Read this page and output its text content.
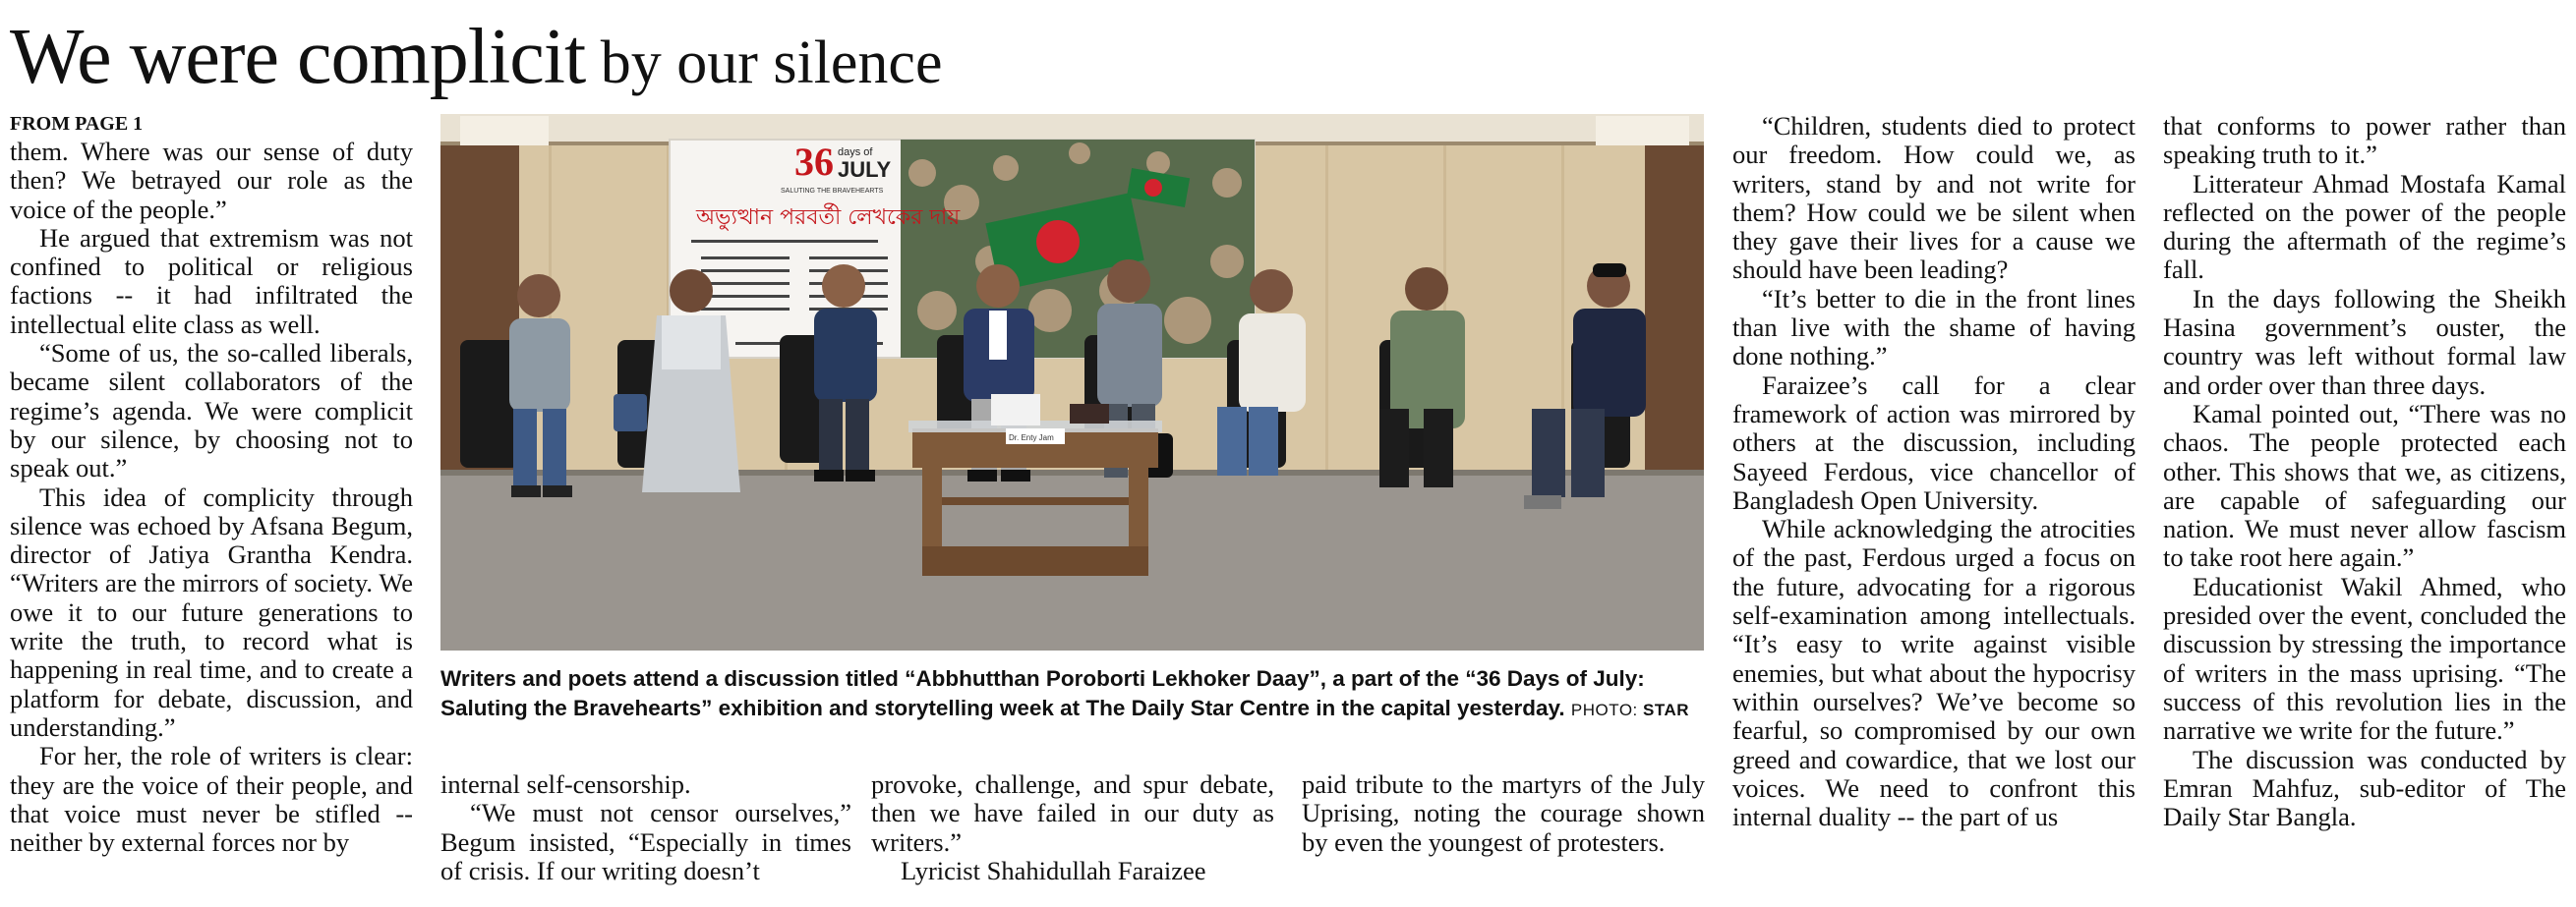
We were complicit by our silence
FROM PAGE 1

them. Where was our sense of duty then? We betrayed our role as the voice of the people.”

He argued that extremism was not confined to political or religious factions -- it had infiltrated the intellectual elite class as well.

“Some of us, the so-called liberals, became silent collaborators of the regime’s agenda. We were complicit by our silence, by choosing not to speak out.”

This idea of complicity through silence was echoed by Afsana Begum, director of Jatiya Grantha Kendra. “Writers are the mirrors of society. We owe it to our future generations to write the truth, to record what is happening in real time, and to create a platform for debate, discussion, and understanding.”

For her, the role of writers is clear: they are the voice of their people, and that voice must never be stifled -- neither by external forces nor by

36 days of
JULY
SALUTING THE BRAVEHEARTS
অভ্যুত্থান পরবর্তী লেখকের দায়
Dr. Enty Jam
Writers and poets attend a discussion titled “Abbhutthan Poroborti Lekhoker Daay”, a part of the “36 Days of July: Saluting the Bravehearts” exhibition and storytelling week at The Daily Star Centre in the capital yesterday. PHOTO: STAR

internal self-censorship.

“We must not censor ourselves,” Begum insisted, “Especially in times of crisis. If our writing doesn’t

provoke, challenge, and spur debate, then we have failed in our duty as writers.”

Lyricist Shahidullah Faraizee

paid tribute to the martyrs of the July Uprising, noting the courage shown by even the youngest of protesters.

“Children, students died to protect our freedom. How could we, as writers, stand by and not write for them? How could we be silent when they gave their lives for a cause we should have been leading?

“It’s better to die in the front lines than live with the shame of having done nothing.”

Faraizee’s call for a clear framework of action was mirrored by others at the discussion, including Sayeed Ferdous, vice chancellor of Bangladesh Open University.

While acknowledging the atrocities of the past, Ferdous urged a focus on the future, advocating for a rigorous self-examination among intellectuals. “It’s easy to write against visible enemies, but what about the hypocrisy within ourselves? We’ve become so fearful, so compromised by our own greed and cowardice, that we lost our voices. We need to confront this internal duality -- the part of us

that conforms to power rather than speaking truth to it.”

Litterateur Ahmad Mostafa Kamal reflected on the power of the people during the aftermath of the regime’s fall.

In the days following the Sheikh Hasina government’s ouster, the country was left without formal law and order over than three days.

Kamal pointed out, “There was no chaos. The people protected each other. This shows that we, as citizens, are capable of safeguarding our nation. We must never allow fascism to take root here again.”

Educationist Wakil Ahmed, who presided over the event, concluded the discussion by stressing the importance of writers in the mass uprising. “The success of this revolution lies in the narrative we write for the future.”

The discussion was conducted by Emran Mahfuz, sub-editor of The Daily Star Bangla.
